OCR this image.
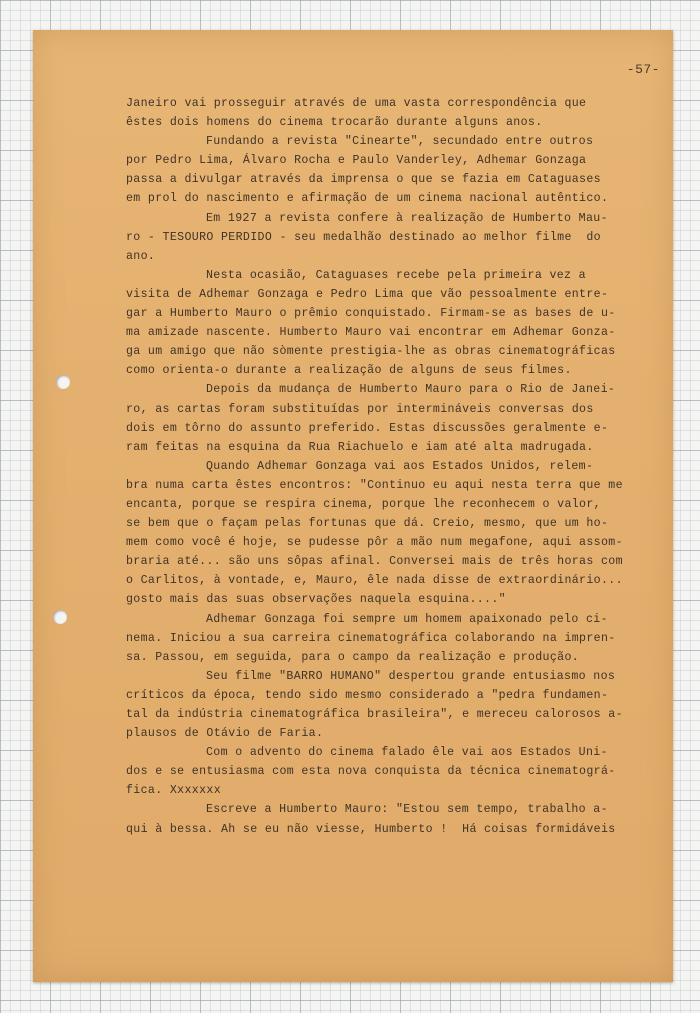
-57-
Janeiro vai prosseguir através de uma vasta correspondência que
êstes dois homens do cinema trocarão durante alguns anos.
Fundando a revista "Cinearte", secundado entre outros
por Pedro Lima, Álvaro Rocha e Paulo Vanderley, Adhemar Gonzaga
passa a divulgar através da imprensa o que se fazia em Cataguases
em prol do nascimento e afirmação de um cinema nacional autêntico.
Em 1927 a revista confere à realização de Humberto Mau-
ro - TESOURO PERDIDO - seu medalhão destinado ao melhor filme  do
ano.
Nesta ocasião, Cataguases recebe pela primeira vez a
visita de Adhemar Gonzaga e Pedro Lima que vão pessoalmente entre-
gar a Humberto Mauro o prêmio conquistado. Firmam-se as bases de u-
ma amizade nascente. Humberto Mauro vai encontrar em Adhemar Gonza-
ga um amigo que não sòmente prestigia-lhe as obras cinematográficas
como orienta-o durante a realização de alguns de seus filmes.
Depois da mudança de Humberto Mauro para o Rio de Janei-
ro, as cartas foram substituídas por intermináveis conversas dos
dois em tôrno do assunto preferido. Estas discussões geralmente e-
ram feitas na esquina da Rua Riachuelo e iam até alta madrugada.
Quando Adhemar Gonzaga vai aos Estados Unidos, relem-
bra numa carta êstes encontros: "Continuo eu aqui nesta terra que me
encanta, porque se respira cinema, porque lhe reconhecem o valor,
se bem que o façam pelas fortunas que dá. Creio, mesmo, que um ho-
mem como você é hoje, se pudesse pôr a mão num megafone, aqui assom-
braria até... são uns sôpas afinal. Conversei mais de três horas com
o Carlitos, à vontade, e, Mauro, êle nada disse de extraordinário...
gosto mais das suas observações naquela esquina...."
Adhemar Gonzaga foi sempre um homem apaixonado pelo ci-
nema. Iniciou a sua carreira cinematográfica colaborando na impren-
sa. Passou, em seguida, para o campo da realização e produção.
Seu filme "BARRO HUMANO" despertou grande entusiasmo nos
críticos da época, tendo sido mesmo considerado a "pedra fundamen-
tal da indústria cinematográfica brasileira", e mereceu calorosos a-
plausos de Otávio de Faria.
Com o advento do cinema falado êle vai aos Estados Uni-
dos e se entusiasma com esta nova conquista da técnica cinematográ-
fica. Xxxxxxx
Escreve a Humberto Mauro: "Estou sem tempo, trabalho a-
qui à bessa. Ah se eu não viesse, Humberto !  Há coisas formidáveis
